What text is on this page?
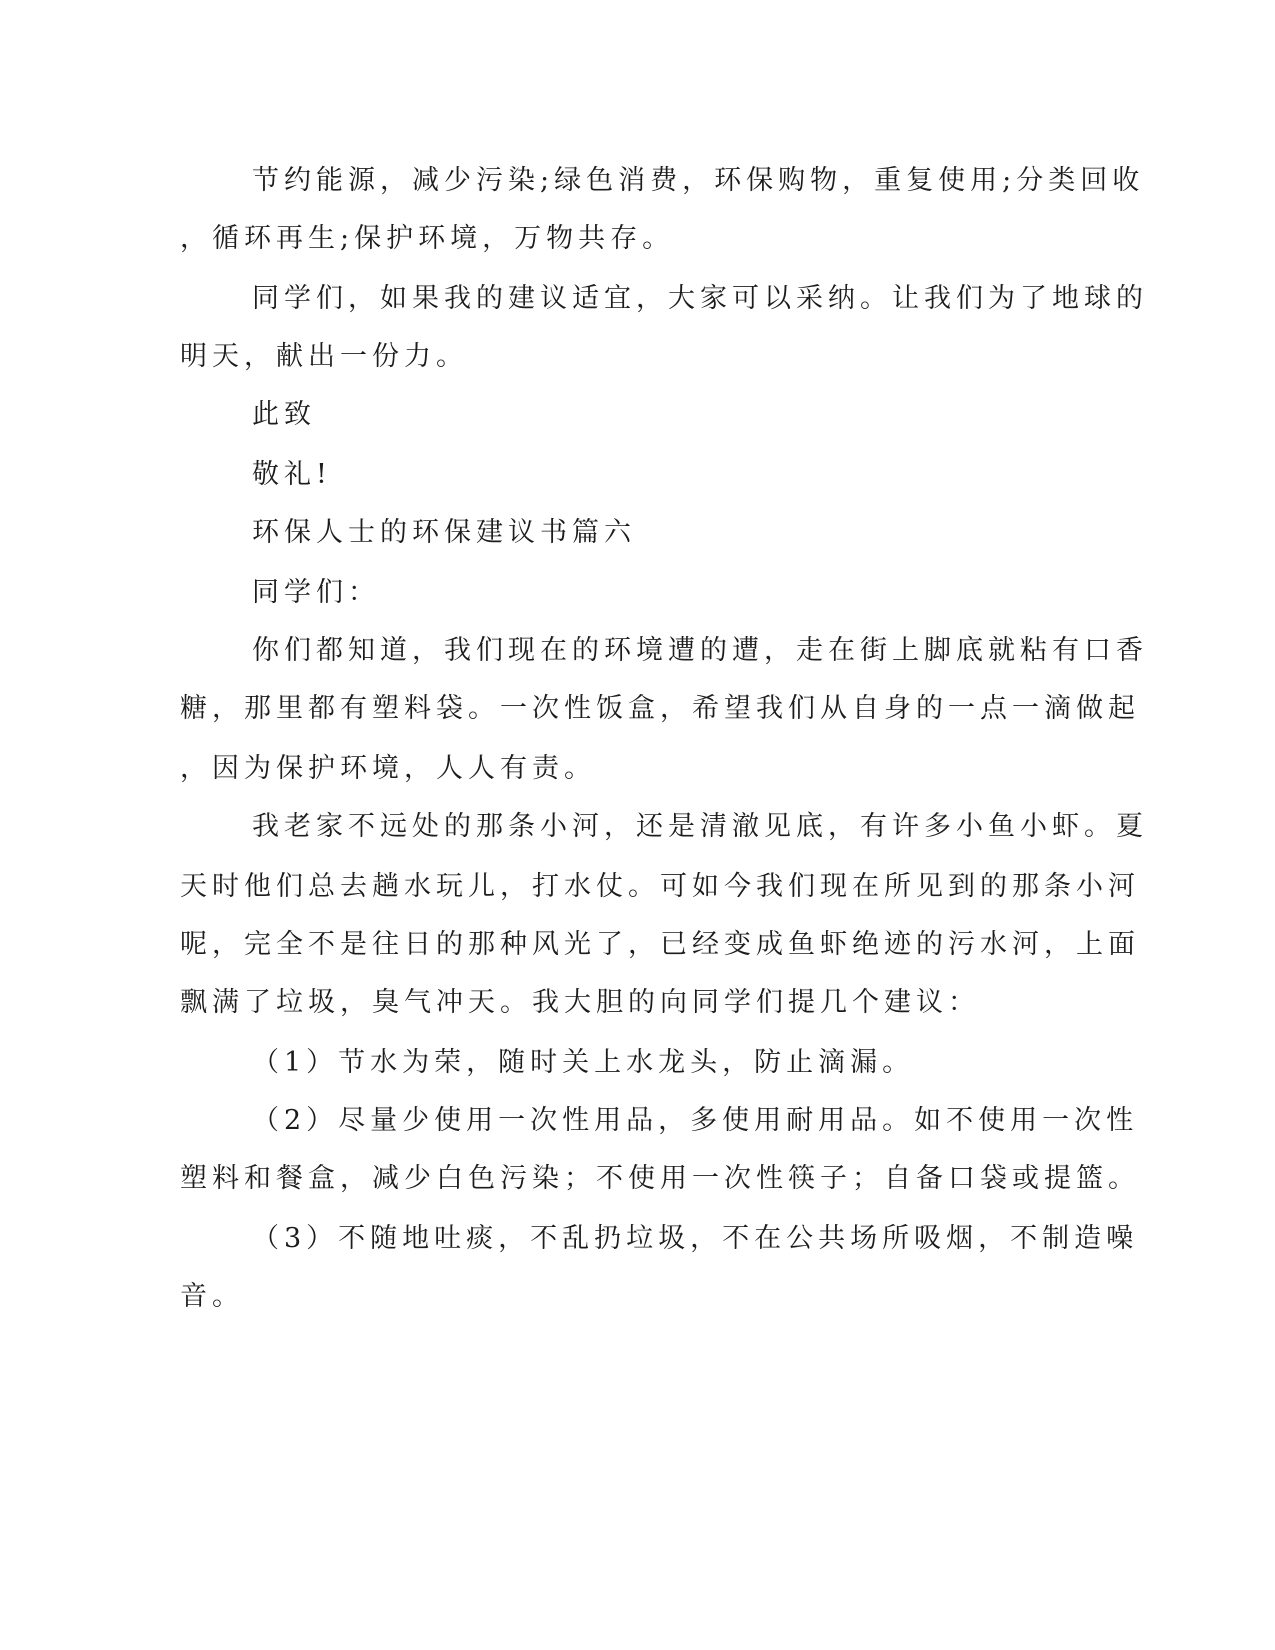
节约能源，减少污染;绿色消费，环保购物，重复使用;分类回收
，循环再生;保护环境，万物共存。
同学们，如果我的建议适宜，大家可以采纳。让我们为了地球的
明天，献出一份力。
此致
敬礼!
环保人士的环保建议书篇六
同学们：
你们都知道，我们现在的环境遭的遭，走在街上脚底就粘有口香
糖，那里都有塑料袋。一次性饭盒，希望我们从自身的一点一滴做起
，因为保护环境，人人有责。
我老家不远处的那条小河，还是清澈见底，有许多小鱼小虾。夏
天时他们总去趟水玩儿，打水仗。可如今我们现在所见到的那条小河
呢，完全不是往日的那种风光了，已经变成鱼虾绝迹的污水河，上面
飘满了垃圾，臭气冲天。我大胆的向同学们提几个建议：
（1）节水为荣，随时关上水龙头，防止滴漏。
（2）尽量少使用一次性用品，多使用耐用品。如不使用一次性
塑料和餐盒，减少白色污染；不使用一次性筷子；自备口袋或提篮。
（3）不随地吐痰，不乱扔垃圾，不在公共场所吸烟，不制造噪
音。
